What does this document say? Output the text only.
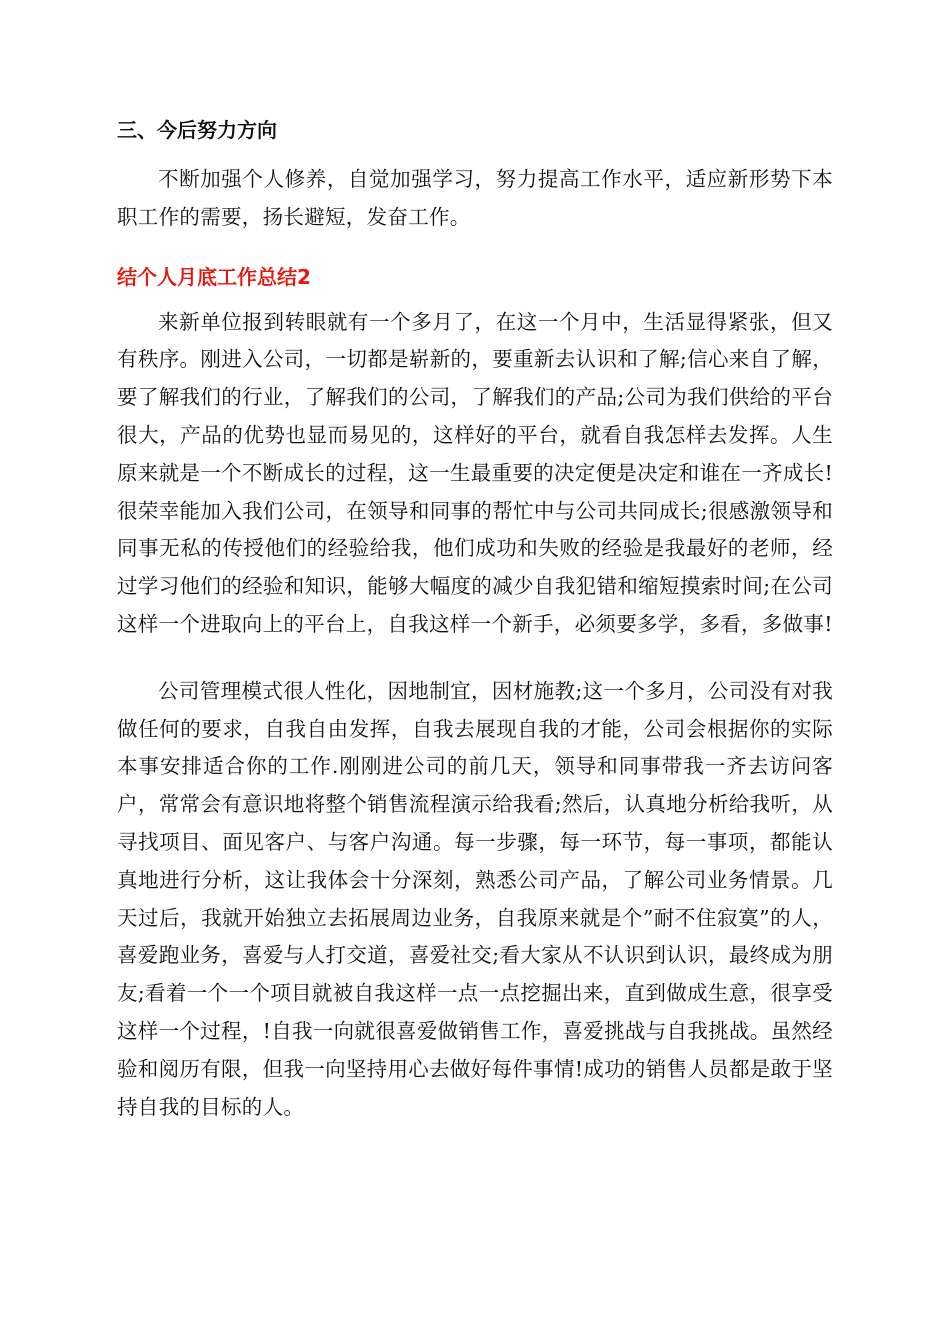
三、今后努力方向

不断加强个人修养，自觉加强学习，努力提高工作水平，适应新形势下本职工作的需要，扬长避短，发奋工作。

结个人月底工作总结2

来新单位报到转眼就有一个多月了，在这一个月中，生活显得紧张，但又有秩序。刚进入公司，一切都是崭新的，要重新去认识和了解;信心来自了解，要了解我们的行业，了解我们的公司，了解我们的产品;公司为我们供给的平台很大，产品的优势也显而易见的，这样好的平台，就看自我怎样去发挥。人生原来就是一个不断成长的过程，这一生最重要的决定便是决定和谁在一齐成长!很荣幸能加入我们公司，在领导和同事的帮忙中与公司共同成长;很感激领导和同事无私的传授他们的经验给我，他们成功和失败的经验是我最好的老师，经过学习他们的经验和知识，能够大幅度的减少自我犯错和缩短摸索时间;在公司这样一个进取向上的平台上，自我这样一个新手，必须要多学，多看，多做事!

公司管理模式很人性化，因地制宜，因材施教;这一个多月，公司没有对我做任何的要求，自我自由发挥，自我去展现自我的才能，公司会根据你的实际本事安排适合你的工作.刚刚进公司的前几天，领导和同事带我一齐去访问客户，常常会有意识地将整个销售流程演示给我看;然后，认真地分析给我听，从寻找项目、面见客户、与客户沟通。每一步骤，每一环节，每一事项，都能认真地进行分析，这让我体会十分深刻，熟悉公司产品，了解公司业务情景。几天过后，我就开始独立去拓展周边业务，自我原来就是个”耐不住寂寞”的人，喜爱跑业务，喜爱与人打交道，喜爱社交;看大家从不认识到认识，最终成为朋友;看着一个一个项目就被自我这样一点一点挖掘出来，直到做成生意，很享受这样一个过程，!自我一向就很喜爱做销售工作，喜爱挑战与自我挑战。虽然经验和阅历有限，但我一向坚持用心去做好每件事情!成功的销售人员都是敢于坚持自我的目标的人。
